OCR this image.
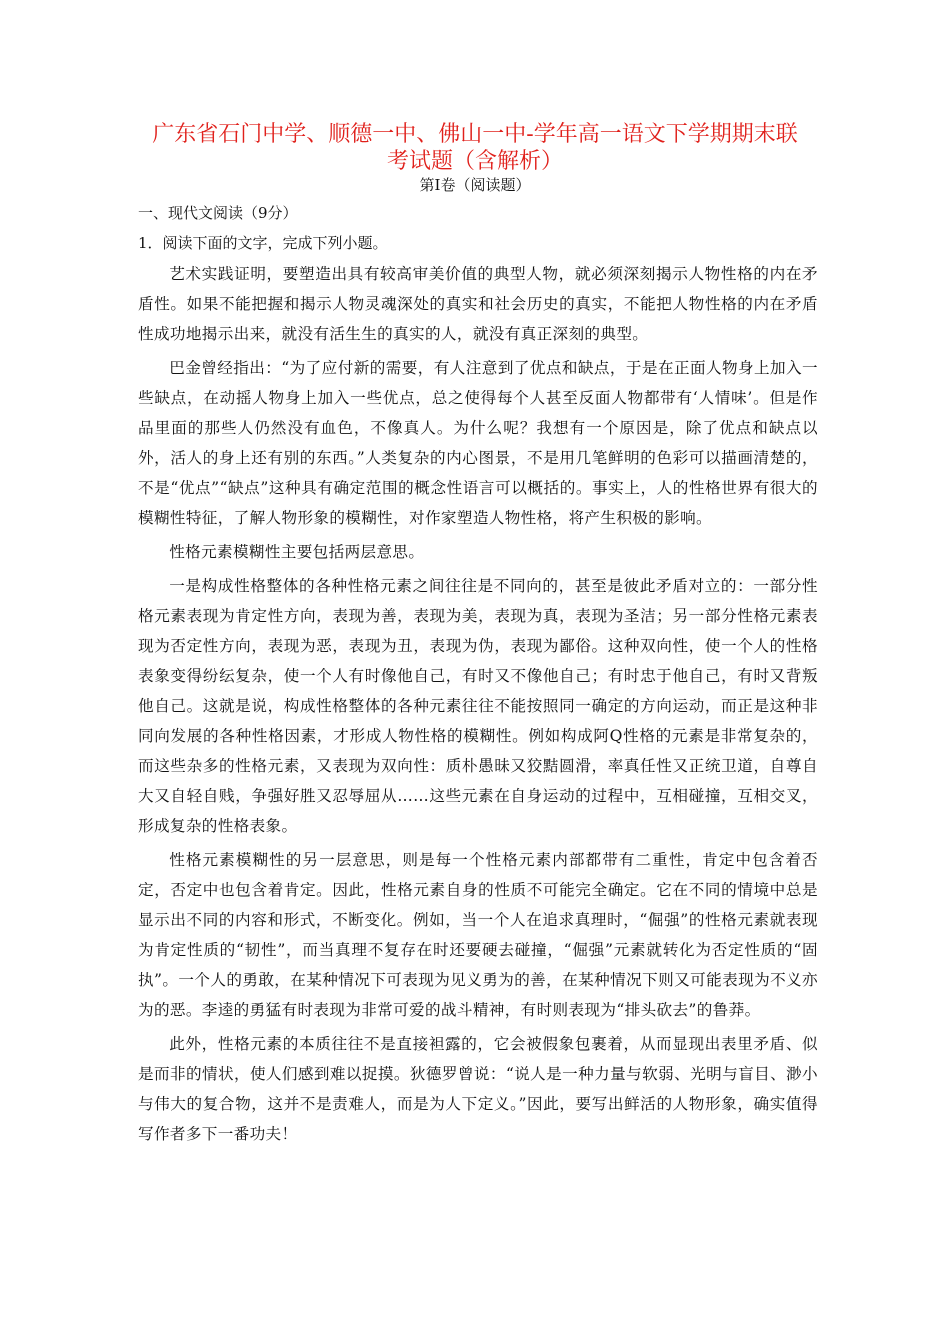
广东省石门中学、顺德一中、佛山一中-学年高一语文下学期期末联
考试题（含解析）
第Ⅰ卷（阅读题）
一、现代文阅读（9分）
1．阅读下面的文字，完成下列小题。

艺术实践证明，要塑造出具有较高审美价值的典型人物，就必须深刻揭示人物性格的内在矛盾性。如果不能把握和揭示人物灵魂深处的真实和社会历史的真实，不能把人物性格的内在矛盾性成功地揭示出来，就没有活生生的真实的人，就没有真正深刻的典型。

巴金曾经指出：“为了应付新的需要，有人注意到了优点和缺点，于是在正面人物身上加入一些缺点，在动摇人物身上加入一些优点，总之使得每个人甚至反面人物都带有‘人情味’。但是作品里面的那些人仍然没有血色，不像真人。为什么呢？我想有一个原因是，除了优点和缺点以外，活人的身上还有别的东西。”人类复杂的内心图景，不是用几笔鲜明的色彩可以描画清楚的，不是“优点”“缺点”这种具有确定范围的概念性语言可以概括的。事实上，人的性格世界有很大的模糊性特征，了解人物形象的模糊性，对作家塑造人物性格，将产生积极的影响。

性格元素模糊性主要包括两层意思。

一是构成性格整体的各种性格元素之间往往是不同向的，甚至是彼此矛盾对立的：一部分性格元素表现为肯定性方向，表现为善，表现为美，表现为真，表现为圣洁；另一部分性格元素表现为否定性方向，表现为恶，表现为丑，表现为伪，表现为鄙俗。这种双向性，使一个人的性格表象变得纷纭复杂，使一个人有时像他自己，有时又不像他自己；有时忠于他自己，有时又背叛他自己。这就是说，构成性格整体的各种元素往往不能按照同一确定的方向运动，而正是这种非同向发展的各种性格因素，才形成人物性格的模糊性。例如构成阿Q性格的元素是非常复杂的，而这些杂多的性格元素，又表现为双向性：质朴愚昧又狡黠圆滑，率真任性又正统卫道，自尊自大又自轻自贱，争强好胜又忍辱屈从……这些元素在自身运动的过程中，互相碰撞，互相交叉，形成复杂的性格表象。

性格元素模糊性的另一层意思，则是每一个性格元素内部都带有二重性，肯定中包含着否定，否定中也包含着肯定。因此，性格元素自身的性质不可能完全确定。它在不同的情境中总是显示出不同的内容和形式，不断变化。例如，当一个人在追求真理时，“倔强”的性格元素就表现为肯定性质的“韧性”，而当真理不复存在时还要硬去碰撞，“倔强”元素就转化为否定性质的“固执”。一个人的勇敢，在某种情况下可表现为见义勇为的善，在某种情况下则又可能表现为不义亦为的恶。李逵的勇猛有时表现为非常可爱的战斗精神，有时则表现为“排头砍去”的鲁莽。

此外，性格元素的本质往往不是直接袒露的，它会被假象包裹着，从而显现出表里矛盾、似是而非的情状，使人们感到难以捉摸。狄德罗曾说：“说人是一种力量与软弱、光明与盲目、渺小与伟大的复合物，这并不是责难人，而是为人下定义。”因此，要写出鲜活的人物形象，确实值得写作者多下一番功夫！
